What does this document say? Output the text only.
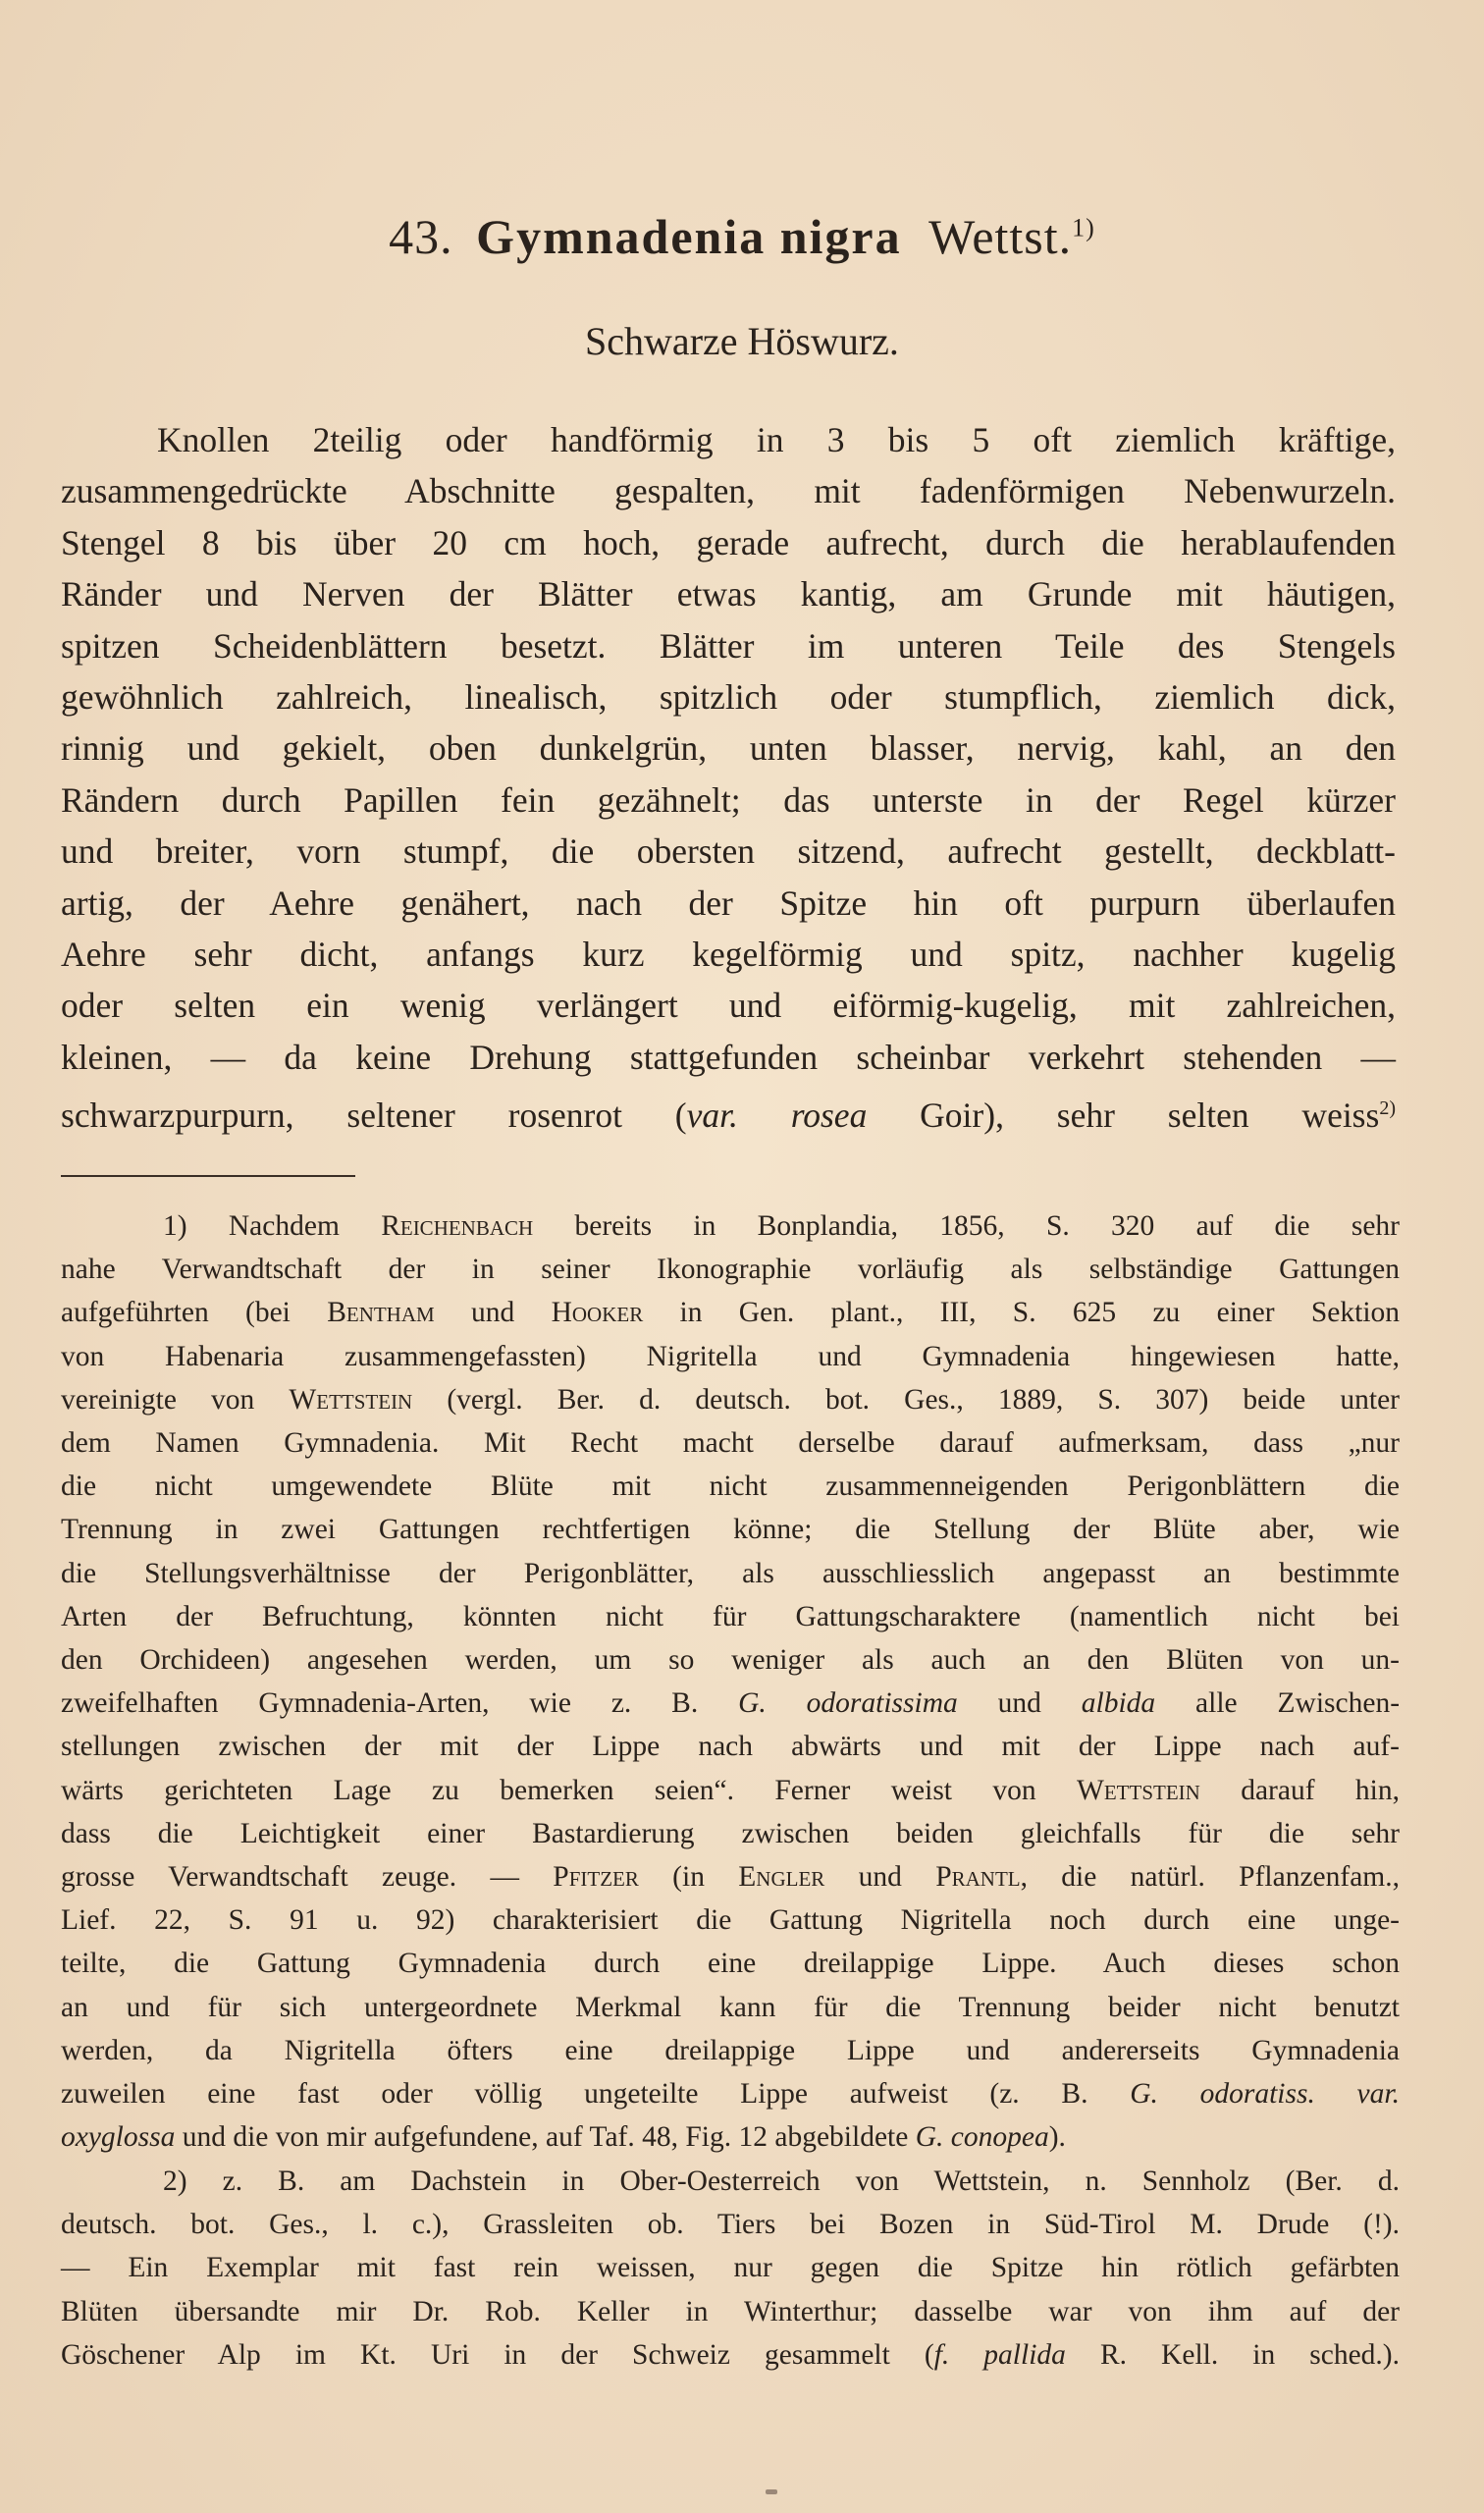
43. Gymnadenia nigra Wettst.$^{1)}$
Schwarze Höswurz.
Knollen 2teilig oder handförmig in 3 bis 5 oft ziemlich kräftige,
zusammengedrückte Abschnitte gespalten, mit fadenförmigen Nebenwurzeln.
Stengel 8 bis über 20 cm hoch, gerade aufrecht, durch die herablaufenden
Ränder und Nerven der Blätter etwas kantig, am Grunde mit häutigen,
spitzen Scheidenblättern besetzt. Blätter im unteren Teile des Stengels
gewöhnlich zahlreich, linealisch, spitzlich oder stumpflich, ziemlich dick,
rinnig und gekielt, oben dunkelgrün, unten blasser, nervig, kahl, an den
Rändern durch Papillen fein gezähnelt; das unterste in der Regel kürzer
und breiter, vorn stumpf, die obersten sitzend, aufrecht gestellt, deckblatt-
artig, der Aehre genähert, nach der Spitze hin oft purpurn überlaufen
Aehre sehr dicht, anfangs kurz kegelförmig und spitz, nachher kugelig
oder selten ein wenig verlängert und eiförmig-kugelig, mit zahlreichen,
kleinen, — da keine Drehung stattgefunden scheinbar verkehrt stehenden —
schwarzpurpurn, seltener rosenrot (var. rosea Goir), sehr selten weiss$^{2)}$
1) Nachdem Reichenbach bereits in Bonplandia, 1856, S. 320 auf die sehr
nahe Verwandtschaft der in seiner Ikonographie vorläufig als selbständige Gattungen
aufgeführten (bei Bentham und Hooker in Gen. plant., III, S. 625 zu einer Sektion
von Habenaria zusammengefassten) Nigritella und Gymnadenia hingewiesen hatte,
vereinigte von Wettstein (vergl. Ber. d. deutsch. bot. Ges., 1889, S. 307) beide unter
dem Namen Gymnadenia. Mit Recht macht derselbe darauf aufmerksam, dass „nur
die nicht umgewendete Blüte mit nicht zusammenneigenden Perigonblättern die
Trennung in zwei Gattungen rechtfertigen könne; die Stellung der Blüte aber, wie
die Stellungsverhältnisse der Perigonblätter, als ausschliesslich angepasst an bestimmte
Arten der Befruchtung, könnten nicht für Gattungscharaktere (namentlich nicht bei
den Orchideen) angesehen werden, um so weniger als auch an den Blüten von un-
zweifelhaften Gymnadenia-Arten, wie z. B. G. odoratissima und albida alle Zwischen-
stellungen zwischen der mit der Lippe nach abwärts und mit der Lippe nach auf-
wärts gerichteten Lage zu bemerken seien“. Ferner weist von Wettstein darauf hin,
dass die Leichtigkeit einer Bastardierung zwischen beiden gleichfalls für die sehr
grosse Verwandtschaft zeuge. — Pfitzer (in Engler und Prantl, die natürl. Pflanzenfam.,
Lief. 22, S. 91 u. 92) charakterisiert die Gattung Nigritella noch durch eine unge-
teilte, die Gattung Gymnadenia durch eine dreilappige Lippe. Auch dieses schon
an und für sich untergeordnete Merkmal kann für die Trennung beider nicht benutzt
werden, da Nigritella öfters eine dreilappige Lippe und andererseits Gymnadenia
zuweilen eine fast oder völlig ungeteilte Lippe aufweist (z. B. G. odoratiss. var.
oxyglossa und die von mir aufgefundene, auf Taf. 48, Fig. 12 abgebildete G. conopea).
2) z. B. am Dachstein in Ober-Oesterreich von Wettstein, n. Sennholz (Ber. d.
deutsch. bot. Ges., l. c.), Grassleiten ob. Tiers bei Bozen in Süd-Tirol M. Drude (!).
— Ein Exemplar mit fast rein weissen, nur gegen die Spitze hin rötlich gefärbten
Blüten übersandte mir Dr. Rob. Keller in Winterthur; dasselbe war von ihm auf der
Göschener Alp im Kt. Uri in der Schweiz gesammelt (f. pallida R. Kell. in sched.).
